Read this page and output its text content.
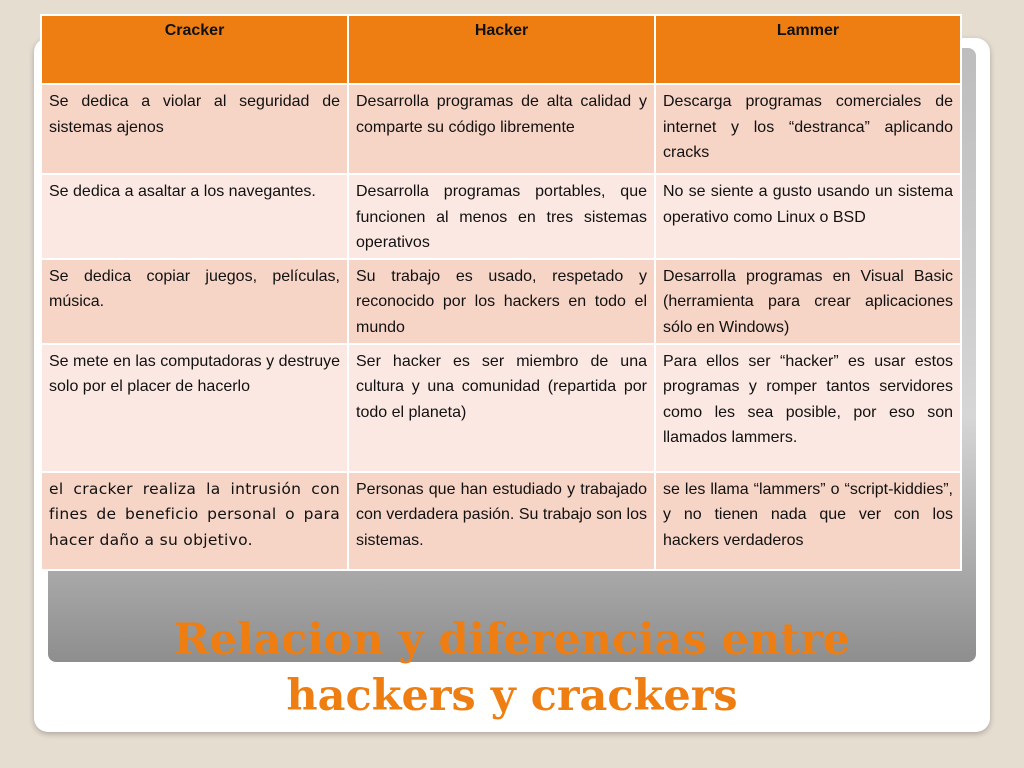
Cracker	Hacker	Lammer
Se dedica a violar al seguridad de sistemas ajenos	Desarrolla programas de alta calidad y comparte su código libremente	Descarga programas comerciales de internet y los “destranca” aplicando cracks
Se dedica a asaltar a los navegantes.	Desarrolla programas portables, que funcionen al menos en tres sistemas operativos	No se siente a gusto usando un sistema operativo como Linux o BSD
Se dedica copiar juegos, películas, música.	Su trabajo es usado, respetado y reconocido por los hackers en todo el mundo	Desarrolla programas en Visual Basic (herramienta para crear aplicaciones sólo en Windows)
Se mete en las computadoras y destruye solo por el placer de hacerlo	Ser hacker es ser miembro de una cultura y una comunidad (repartida por todo el planeta)	Para ellos ser “hacker” es usar estos programas y romper tantos servidores como les sea posible, por eso son llamados lammers.
el cracker realiza la intrusión con fines de beneficio personal o para hacer daño a su objetivo.	Personas que han estudiado y trabajado con verdadera pasión. Su trabajo son los sistemas.	se les llama “lammers” o “script-kiddies”, y no tienen nada que ver con los hackers verdaderos
Relacion y diferencias entre
hackers y crackers
